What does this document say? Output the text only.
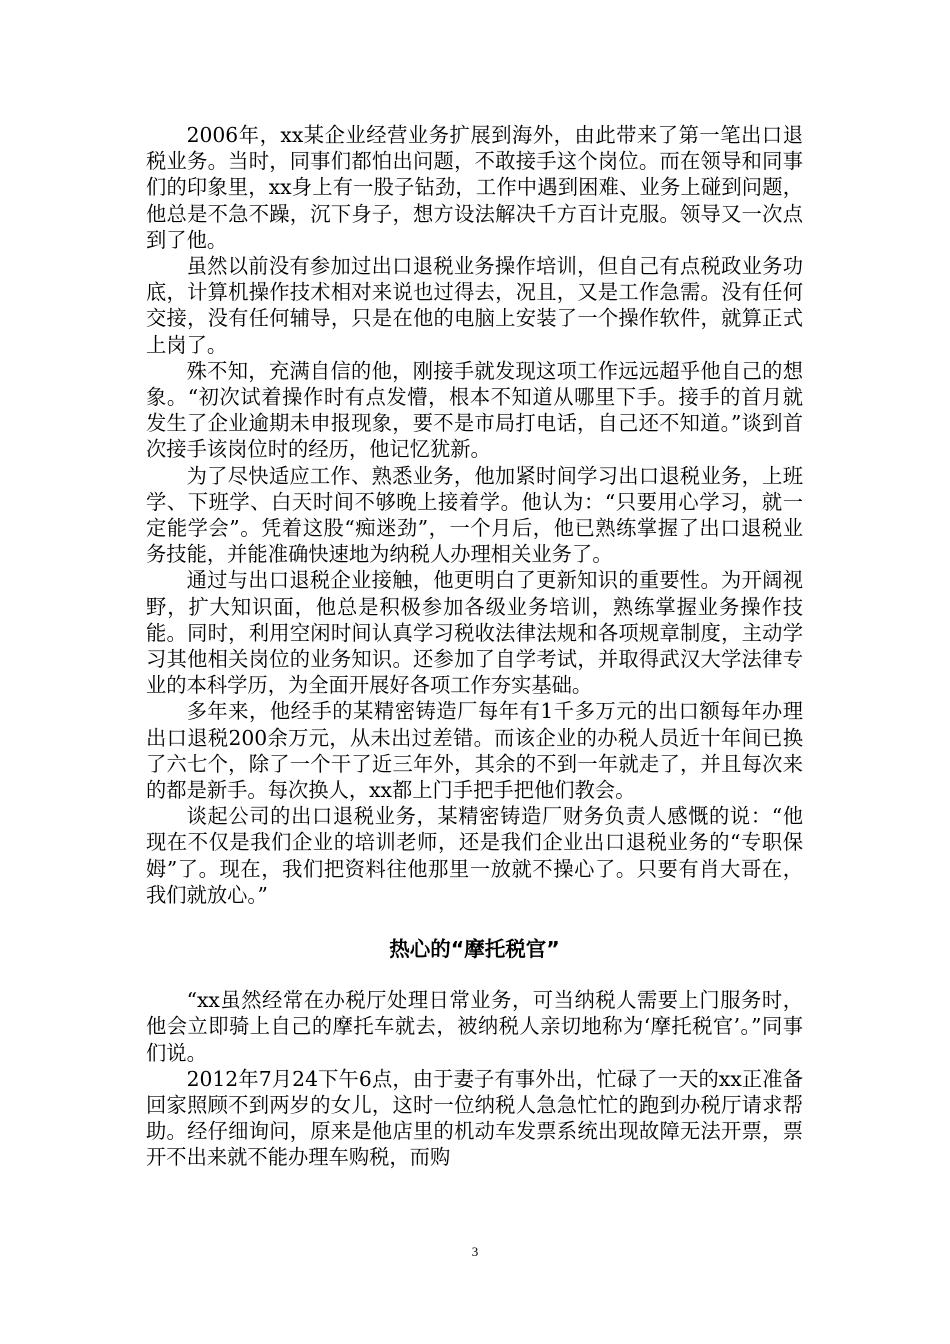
2006年，xx某企业经营业务扩展到海外，由此带来了第一笔出口退税业务。当时，同事们都怕出问题，不敢接手这个岗位。而在领导和同事们的印象里，xx身上有一股子钻劲，工作中遇到困难、业务上碰到问题，他总是不急不躁，沉下身子，想方设法解决千方百计克服。领导又一次点到了他。

虽然以前没有参加过出口退税业务操作培训，但自己有点税政业务功底，计算机操作技术相对来说也过得去，况且，又是工作急需。没有任何交接，没有任何辅导，只是在他的电脑上安装了一个操作软件，就算正式上岗了。

殊不知，充满自信的他，刚接手就发现这项工作远远超乎他自己的想象。“初次试着操作时有点发懵，根本不知道从哪里下手。接手的首月就发生了企业逾期未申报现象，要不是市局打电话，自己还不知道。”谈到首次接手该岗位时的经历，他记忆犹新。

为了尽快适应工作、熟悉业务，他加紧时间学习出口退税业务，上班学、下班学、白天时间不够晚上接着学。他认为：“只要用心学习，就一定能学会”。凭着这股“痴迷劲”，一个月后，他已熟练掌握了出口退税业务技能，并能准确快速地为纳税人办理相关业务了。

通过与出口退税企业接触，他更明白了更新知识的重要性。为开阔视野，扩大知识面，他总是积极参加各级业务培训，熟练掌握业务操作技能。同时，利用空闲时间认真学习税收法律法规和各项规章制度，主动学习其他相关岗位的业务知识。还参加了自学考试，并取得武汉大学法律专业的本科学历，为全面开展好各项工作夯实基础。

多年来，他经手的某精密铸造厂每年有1千多万元的出口额每年办理出口退税200余万元，从未出过差错。而该企业的办税人员近十年间已换了六七个，除了一个干了近三年外，其余的不到一年就走了，并且每次来的都是新手。每次换人，xx都上门手把手把他们教会。

谈起公司的出口退税业务，某精密铸造厂财务负责人感慨的说：“他现在不仅是我们企业的培训老师，还是我们企业出口退税业务的“专职保姆”了。现在，我们把资料往他那里一放就不操心了。只要有肖大哥在，我们就放心。”

热心的“摩托税官”

“xx虽然经常在办税厅处理日常业务，可当纳税人需要上门服务时，他会立即骑上自己的摩托车就去，被纳税人亲切地称为‘摩托税官’。”同事们说。

2012年7月24下午6点，由于妻子有事外出，忙碌了一天的xx正准备回家照顾不到两岁的女儿，这时一位纳税人急急忙忙的跑到办税厅请求帮助。经仔细询问，原来是他店里的机动车发票系统出现故障无法开票，票开不出来就不能办理车购税，而购

3
